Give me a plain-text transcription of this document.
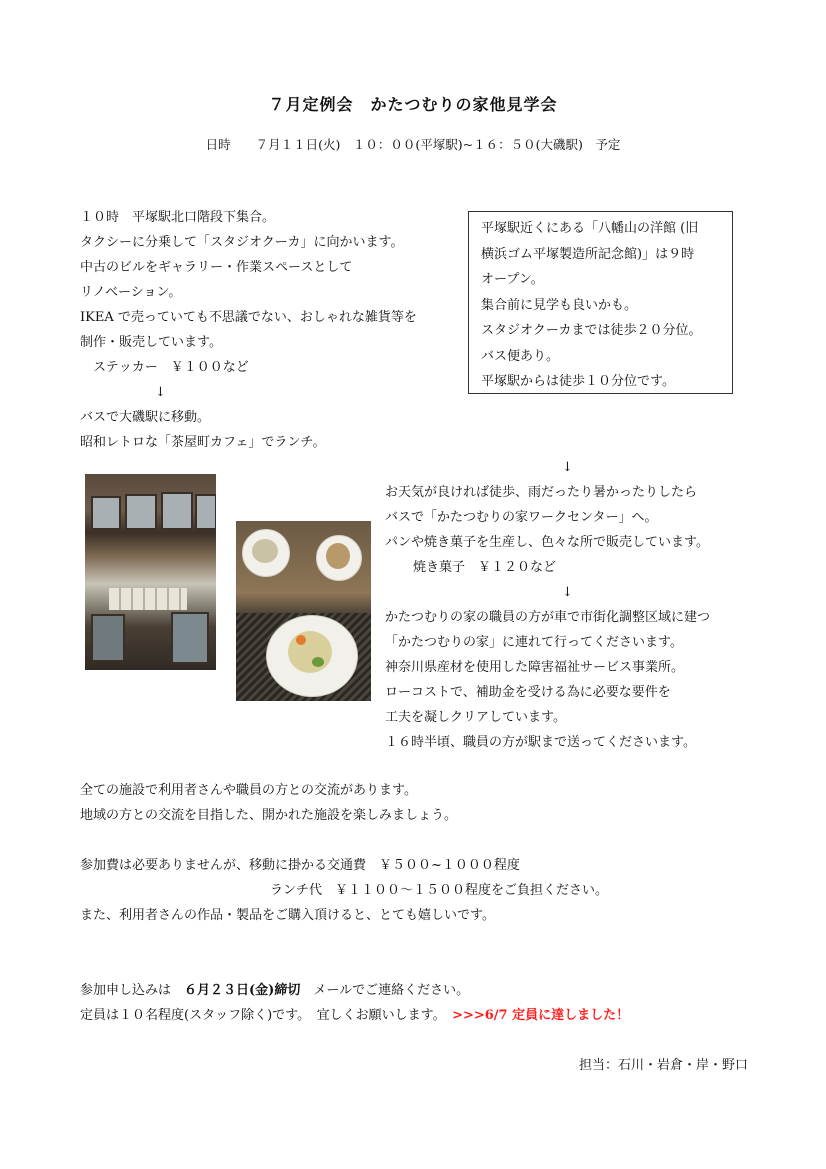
７月定例会　かたつむりの家他見学会
日時　　７月１１日(火)　１０：００(平塚駅)~１６：５０(大磯駅)　予定
１０時　平塚駅北口階段下集合。
タクシーに分乗して「スタジオクーカ」に向かいます。
中古のビルをギャラリー・作業スペースとして
リノベーション。
IKEA で売っていても不思議でない、おしゃれな雑貨等を
制作・販売しています。
　ステッカー　￥１００など
↓
バスで大磯駅に移動。
昭和レトロな「茶屋町カフェ」でランチ。
平塚駅近くにある「八幡山の洋館 (旧
横浜ゴム平塚製造所記念館)」は９時
オープン。
集合前に見学も良いかも。
スタジオクーカまでは徒歩２０分位。
バス便あり。
平塚駅からは徒歩１０分位です。
↓
お天気が良ければ徒歩、雨だったり暑かったりしたら
バスで「かたつむりの家ワークセンター」へ。
パンや焼き菓子を生産し、色々な所で販売しています。
焼き菓子　￥１２０など
↓
かたつむりの家の職員の方が車で市街化調整区域に建つ
「かたつむりの家」に連れて行ってくださいます。
神奈川県産材を使用した障害福祉サービス事業所。
ローコストで、補助金を受ける為に必要な要件を
工夫を凝しクリアしています。
１６時半頃、職員の方が駅まで送ってくださいます。
全ての施設で利用者さんや職員の方との交流があります。
地域の方との交流を目指した、開かれた施設を楽しみましょう。
参加費は必要ありませんが、移動に掛かる交通費　￥５００~１０００程度
ランチ代　￥１１００～１５００程度をご負担ください。
また、利用者さんの作品・製品をご購入頂けると、とても嬉しいです。
参加申し込みは　６月２３日(金)締切　メールでご連絡ください。
定員は１０名程度(スタッフ除く)です。　宜しくお願いします。　>>>6/7 定員に達しました！
担当：石川・岩倉・岸・野口
